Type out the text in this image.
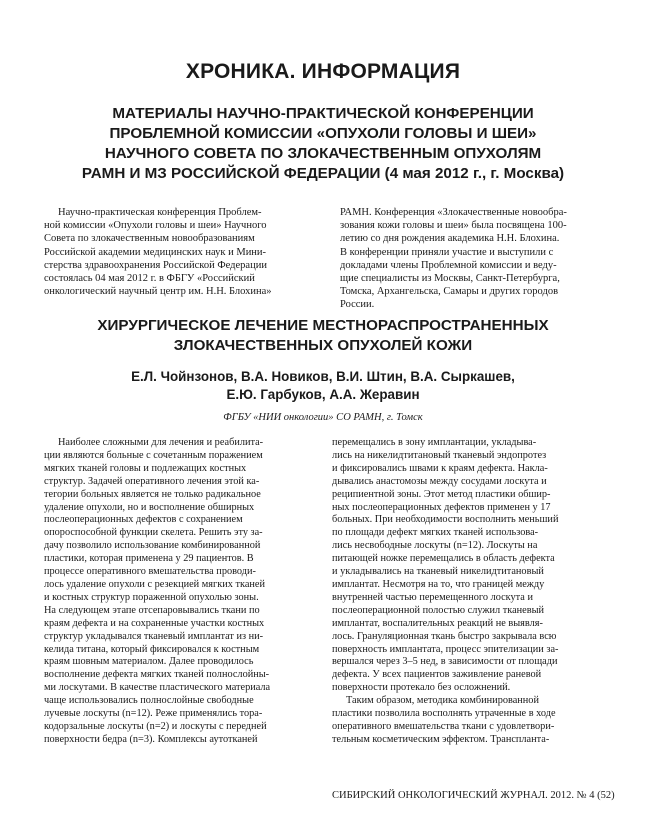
ХРОНИКА. ИНФОРМАЦИЯ
МАТЕРИАЛЫ НАУЧНО-ПРАКТИЧЕСКОЙ КОНФЕРЕНЦИИ
ПРОБЛЕМНОЙ КОМИССИИ «ОПУХОЛИ ГОЛОВЫ И ШЕИ»
НАУЧНОГО СОВЕТА ПО ЗЛОКАЧЕСТВЕННЫМ ОПУХОЛЯМ
РАМН И МЗ РОССИЙСКОЙ ФЕДЕРАЦИИ (4 мая 2012 г., г. Москва)

Научно-практическая конференция Проблем-
ной комиссии «Опухоли головы и шеи» Научного
Совета по злокачественным новообразованиям
Российской академии медицинских наук и Мини-
стерства здравоохранения Российской Федерации
состоялась 04 мая 2012 г. в ФБГУ «Российский
онкологический научный центр им. Н.Н. Блохина»

РАМН. Конференция «Злокачественные новообра-
зования кожи головы и шеи» была посвящена 100-
летию со дня рождения академика Н.Н. Блохина.
В конференции приняли участие и выступили с
докладами члены Проблемной комиссии и веду-
щие специалисты из Москвы, Санкт-Петербурга,
Томска, Архангельска, Самары и других городов
России.

ХИРУРГИЧЕСКОЕ ЛЕЧЕНИЕ МЕСТНОРАСПРОСТРАНЕННЫХ
ЗЛОКАЧЕСТВЕННЫХ ОПУХОЛЕЙ КОЖИ
Е.Л. Чойнзонов, В.А. Новиков, В.И. Штин, В.А. Сыркашев,
Е.Ю. Гарбуков, А.А. Жеравин
ФГБУ «НИИ онкологии» СО РАМН, г. Томск

Наиболее сложными для лечения и реабилита-
ции являются больные с сочетанным поражением
мягких тканей головы и подлежащих костных
структур. Задачей оперативного лечения этой ка-
тегории больных является не только радикальное
удаление опухоли, но и восполнение обширных
послеоперационных дефектов с сохранением
опороспособной функции скелета. Решить эту за-
дачу позволило использование комбинированной
пластики, которая применена у 29 пациентов. В
процессе оперативного вмешательства проводи-
лось удаление опухоли с резекцией мягких тканей
и костных структур пораженной опухолью зоны.
На следующем этапе отсепаровывались ткани по
краям дефекта и на сохраненные участки костных
структур укладывался тканевый имплантат из ни-
келида титана, который фиксировался к костным
краям шовным материалом. Далее проводилось
восполнение дефекта мягких тканей полнослойны-
ми лоскутами. В качестве пластического материала
чаще использовались полнослойные свободные
лучевые лоскуты (n=12). Реже применялись тора-
кодорзальные лоскуты (n=2) и лоскуты с передней
поверхности бедра (n=3). Комплексы аутотканей

перемещались в зону имплантации, укладыва-
лись на никелидтитановый тканевый эндопротез
и фиксировались швами к краям дефекта. Накла-
дывались анастомозы между сосудами лоскута и
реципиентной зоны. Этот метод пластики обшир-
ных послеоперационных дефектов применен у 17
больных. При необходимости восполнить меньший
по площади дефект мягких тканей использова-
лись несвободные лоскуты (n=12). Лоскуты на
питающей ножке перемещались в область дефекта
и укладывались на тканевый никелидтитановый
имплантат. Несмотря на то, что границей между
внутренней частью перемещенного лоскута и
послеоперационной полостью служил тканевый
имплантат, воспалительных реакций не выявля-
лось. Грануляционная ткань быстро закрывала всю
поверхность имплантата, процесс эпителизации за-
вершался через 3–5 нед, в зависимости от площади
дефекта. У всех пациентов заживление раневой
поверхности протекало без осложнений.

Таким образом, методика комбинированной
пластики позволила восполнять утраченные в ходе
оперативного вмешательства ткани с удовлетвори-
тельным косметическим эффектом. Транспланта-

СИБИРСКИЙ ОНКОЛОГИЧЕСКИЙ ЖУРНАЛ. 2012. № 4 (52)
